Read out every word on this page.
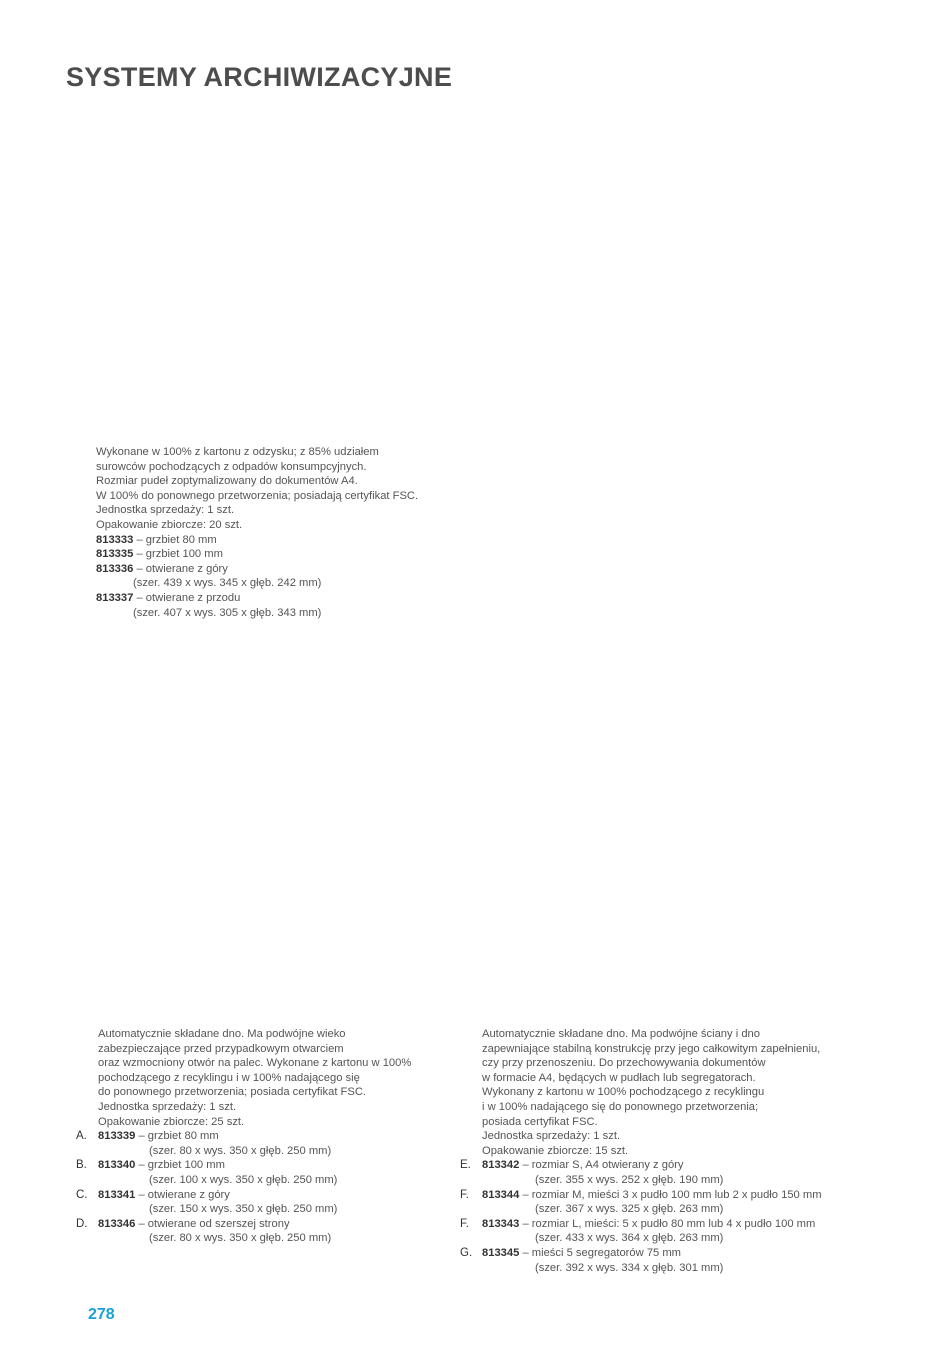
SYSTEMY ARCHIWIZACYJNE

Wykonane w 100% z kartonu z odzysku; z 85% udziałem

surowców pochodzących z odpadów konsumpcyjnych.

Rozmiar pudeł zoptymalizowany do dokumentów A4.

W 100% do ponownego przetworzenia; posiadają certyfikat FSC.

Jednostka sprzedaży: 1 szt.

Opakowanie zbiorcze: 20 szt.

813333 – grzbiet 80 mm
813335 – grzbiet 100 mm
813336 – otwierane z góry
(szer. 439 x wys. 345 x głęb. 242 mm)
813337 – otwierane z przodu
(szer. 407 x wys. 305 x głęb. 343 mm)

Automatycznie składane dno. Ma podwójne wieko

zabezpieczające przed przypadkowym otwarciem

oraz wzmocniony otwór na palec. Wykonane z kartonu w 100%

pochodzącego z recyklingu i w 100% nadającego się

do ponownego przetworzenia; posiada certyfikat FSC.

Jednostka sprzedaży: 1 szt.

Opakowanie zbiorcze: 25 szt.

A. 813339 – grzbiet 80 mm
(szer. 80 x wys. 350 x głęb. 250 mm)
B. 813340 – grzbiet 100 mm
(szer. 100 x wys. 350 x głęb. 250 mm)
C. 813341 – otwierane z góry
(szer. 150 x wys. 350 x głęb. 250 mm)
D. 813346 – otwierane od szerszej strony
(szer. 80 x wys. 350 x głęb. 250 mm)

Automatycznie składane dno. Ma podwójne ściany i dno

zapewniające stabilną konstrukcję przy jego całkowitym zapełnieniu,

czy przy przenoszeniu. Do przechowywania dokumentów

w formacie A4, będących w pudłach lub segregatorach.

Wykonany z kartonu w 100% pochodzącego z recyklingu

i w 100% nadającego się do ponownego przetworzenia;

posiada certyfikat FSC.

Jednostka sprzedaży: 1 szt.

Opakowanie zbiorcze: 15 szt.

E. 813342 – rozmiar S, A4 otwierany z góry
(szer. 355 x wys. 252 x głęb. 190 mm)
F. 813344 – rozmiar M, mieści 3 x pudło 100 mm lub 2 x pudło 150 mm
(szer. 367 x wys. 325 x głęb. 263 mm)
F. 813343 – rozmiar L, mieści: 5 x pudło 80 mm lub 4 x pudło 100 mm
(szer. 433 x wys. 364 x głęb. 263 mm)
G. 813345 – mieści 5 segregatorów 75 mm
(szer. 392 x wys. 334 x głęb. 301 mm)
278
